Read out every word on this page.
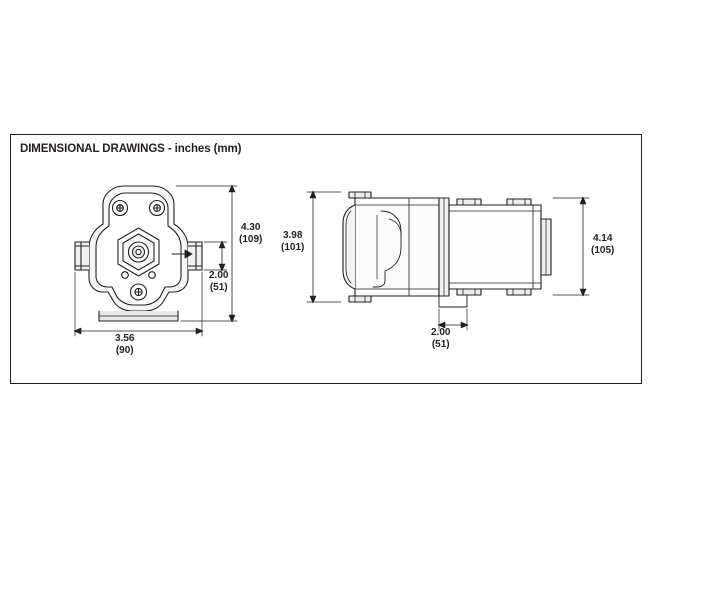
DIMENSIONAL DRAWINGS - inches (mm)
4.30
(109)
2.00
(51)
3.56
(90)
3.98
(101)
4.14
(105)
2.00
(51)
